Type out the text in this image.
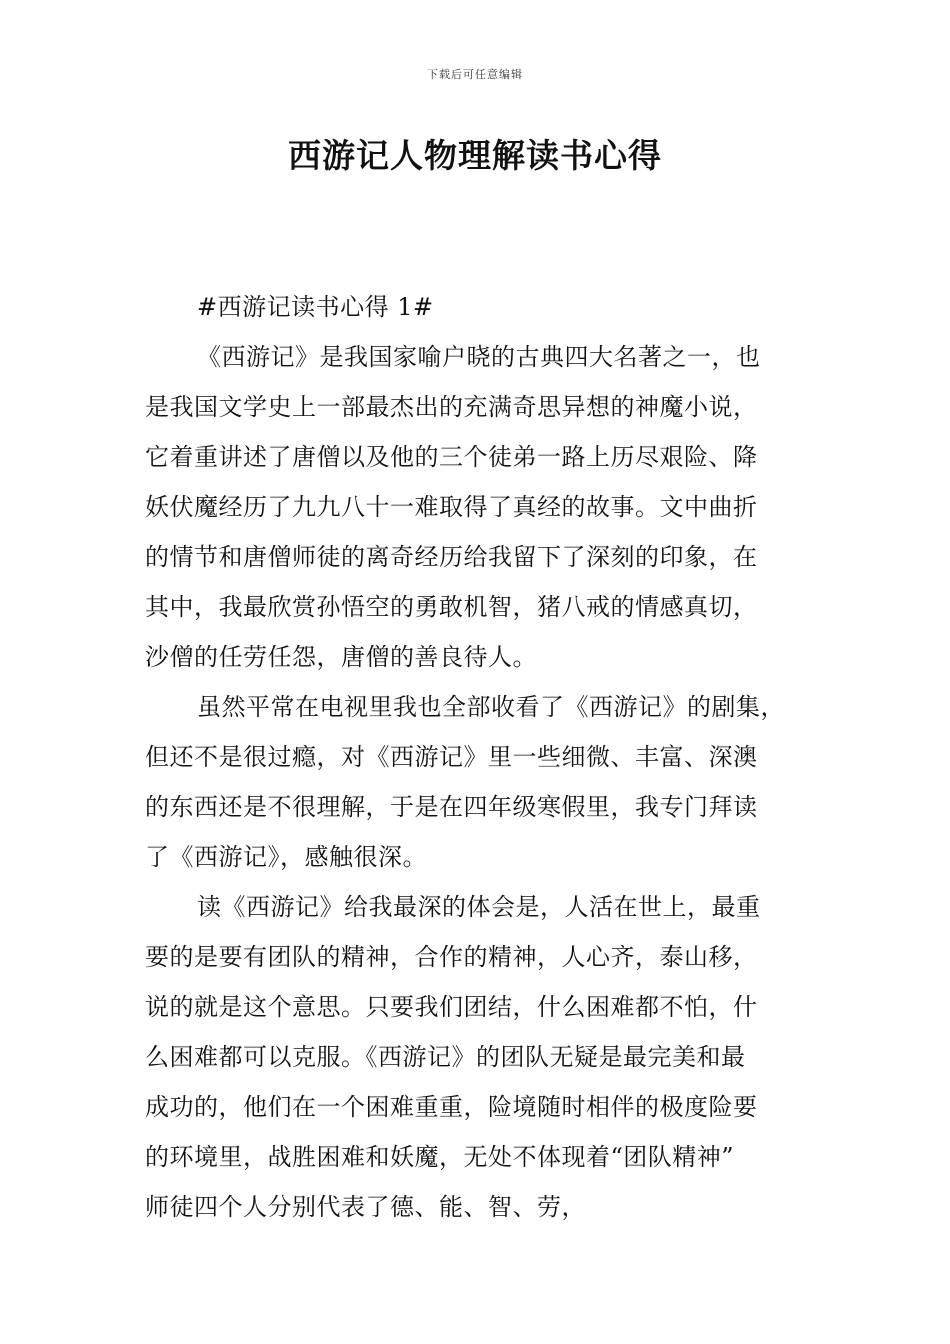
下载后可任意编辑
西游记人物理解读书心得
#西游记读书心得 1#
《西游记》是我国家喻户晓的古典四大名著之一，也
是我国文学史上一部最杰出的充满奇思异想的神魔小说，
它着重讲述了唐僧以及他的三个徒弟一路上历尽艰险、降
妖伏魔经历了九九八十一难取得了真经的故事。文中曲折
的情节和唐僧师徒的离奇经历给我留下了深刻的印象，在
其中，我最欣赏孙悟空的勇敢机智，猪八戒的情感真切，
沙僧的任劳任怨，唐僧的善良待人。
虽然平常在电视里我也全部收看了《西游记》的剧集，
但还不是很过瘾，对《西游记》里一些细微、丰富、深澳
的东西还是不很理解，于是在四年级寒假里，我专门拜读
了《西游记》，感触很深。
读《西游记》给我最深的体会是，人活在世上，最重
要的是要有团队的精神，合作的精神，人心齐，泰山移，
说的就是这个意思。只要我们团结，什么困难都不怕，什
么困难都可以克服。《西游记》的团队无疑是最完美和最
成功的，他们在一个困难重重，险境随时相伴的极度险要
的环境里，战胜困难和妖魔，无处不体现着“团队精神”
师徒四个人分别代表了德、能、智、劳，
